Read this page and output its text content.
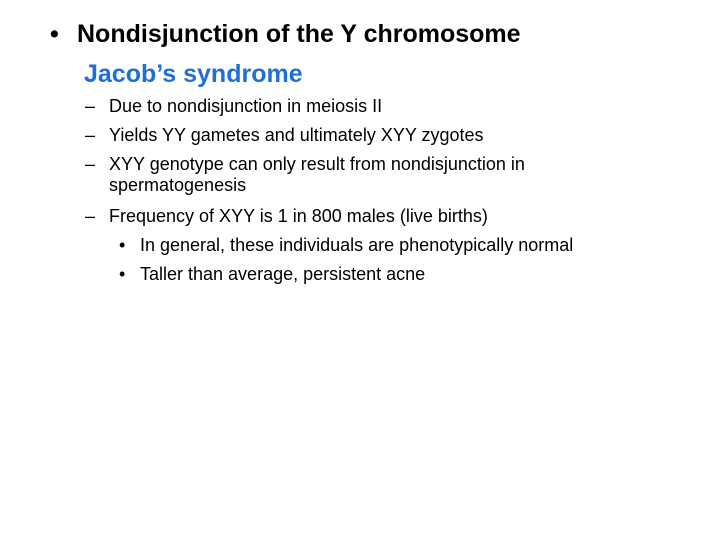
• Nondisjunction of the Y chromosome
Jacob’s syndrome
– Due to nondisjunction in meiosis II
– Yields YY gametes and ultimately XYY zygotes
– XYY genotype can only result from nondisjunction in
spermatogenesis
– Frequency of XYY is 1 in 800 males (live births)
• In general, these individuals are phenotypically normal
• Taller than average, persistent acne
